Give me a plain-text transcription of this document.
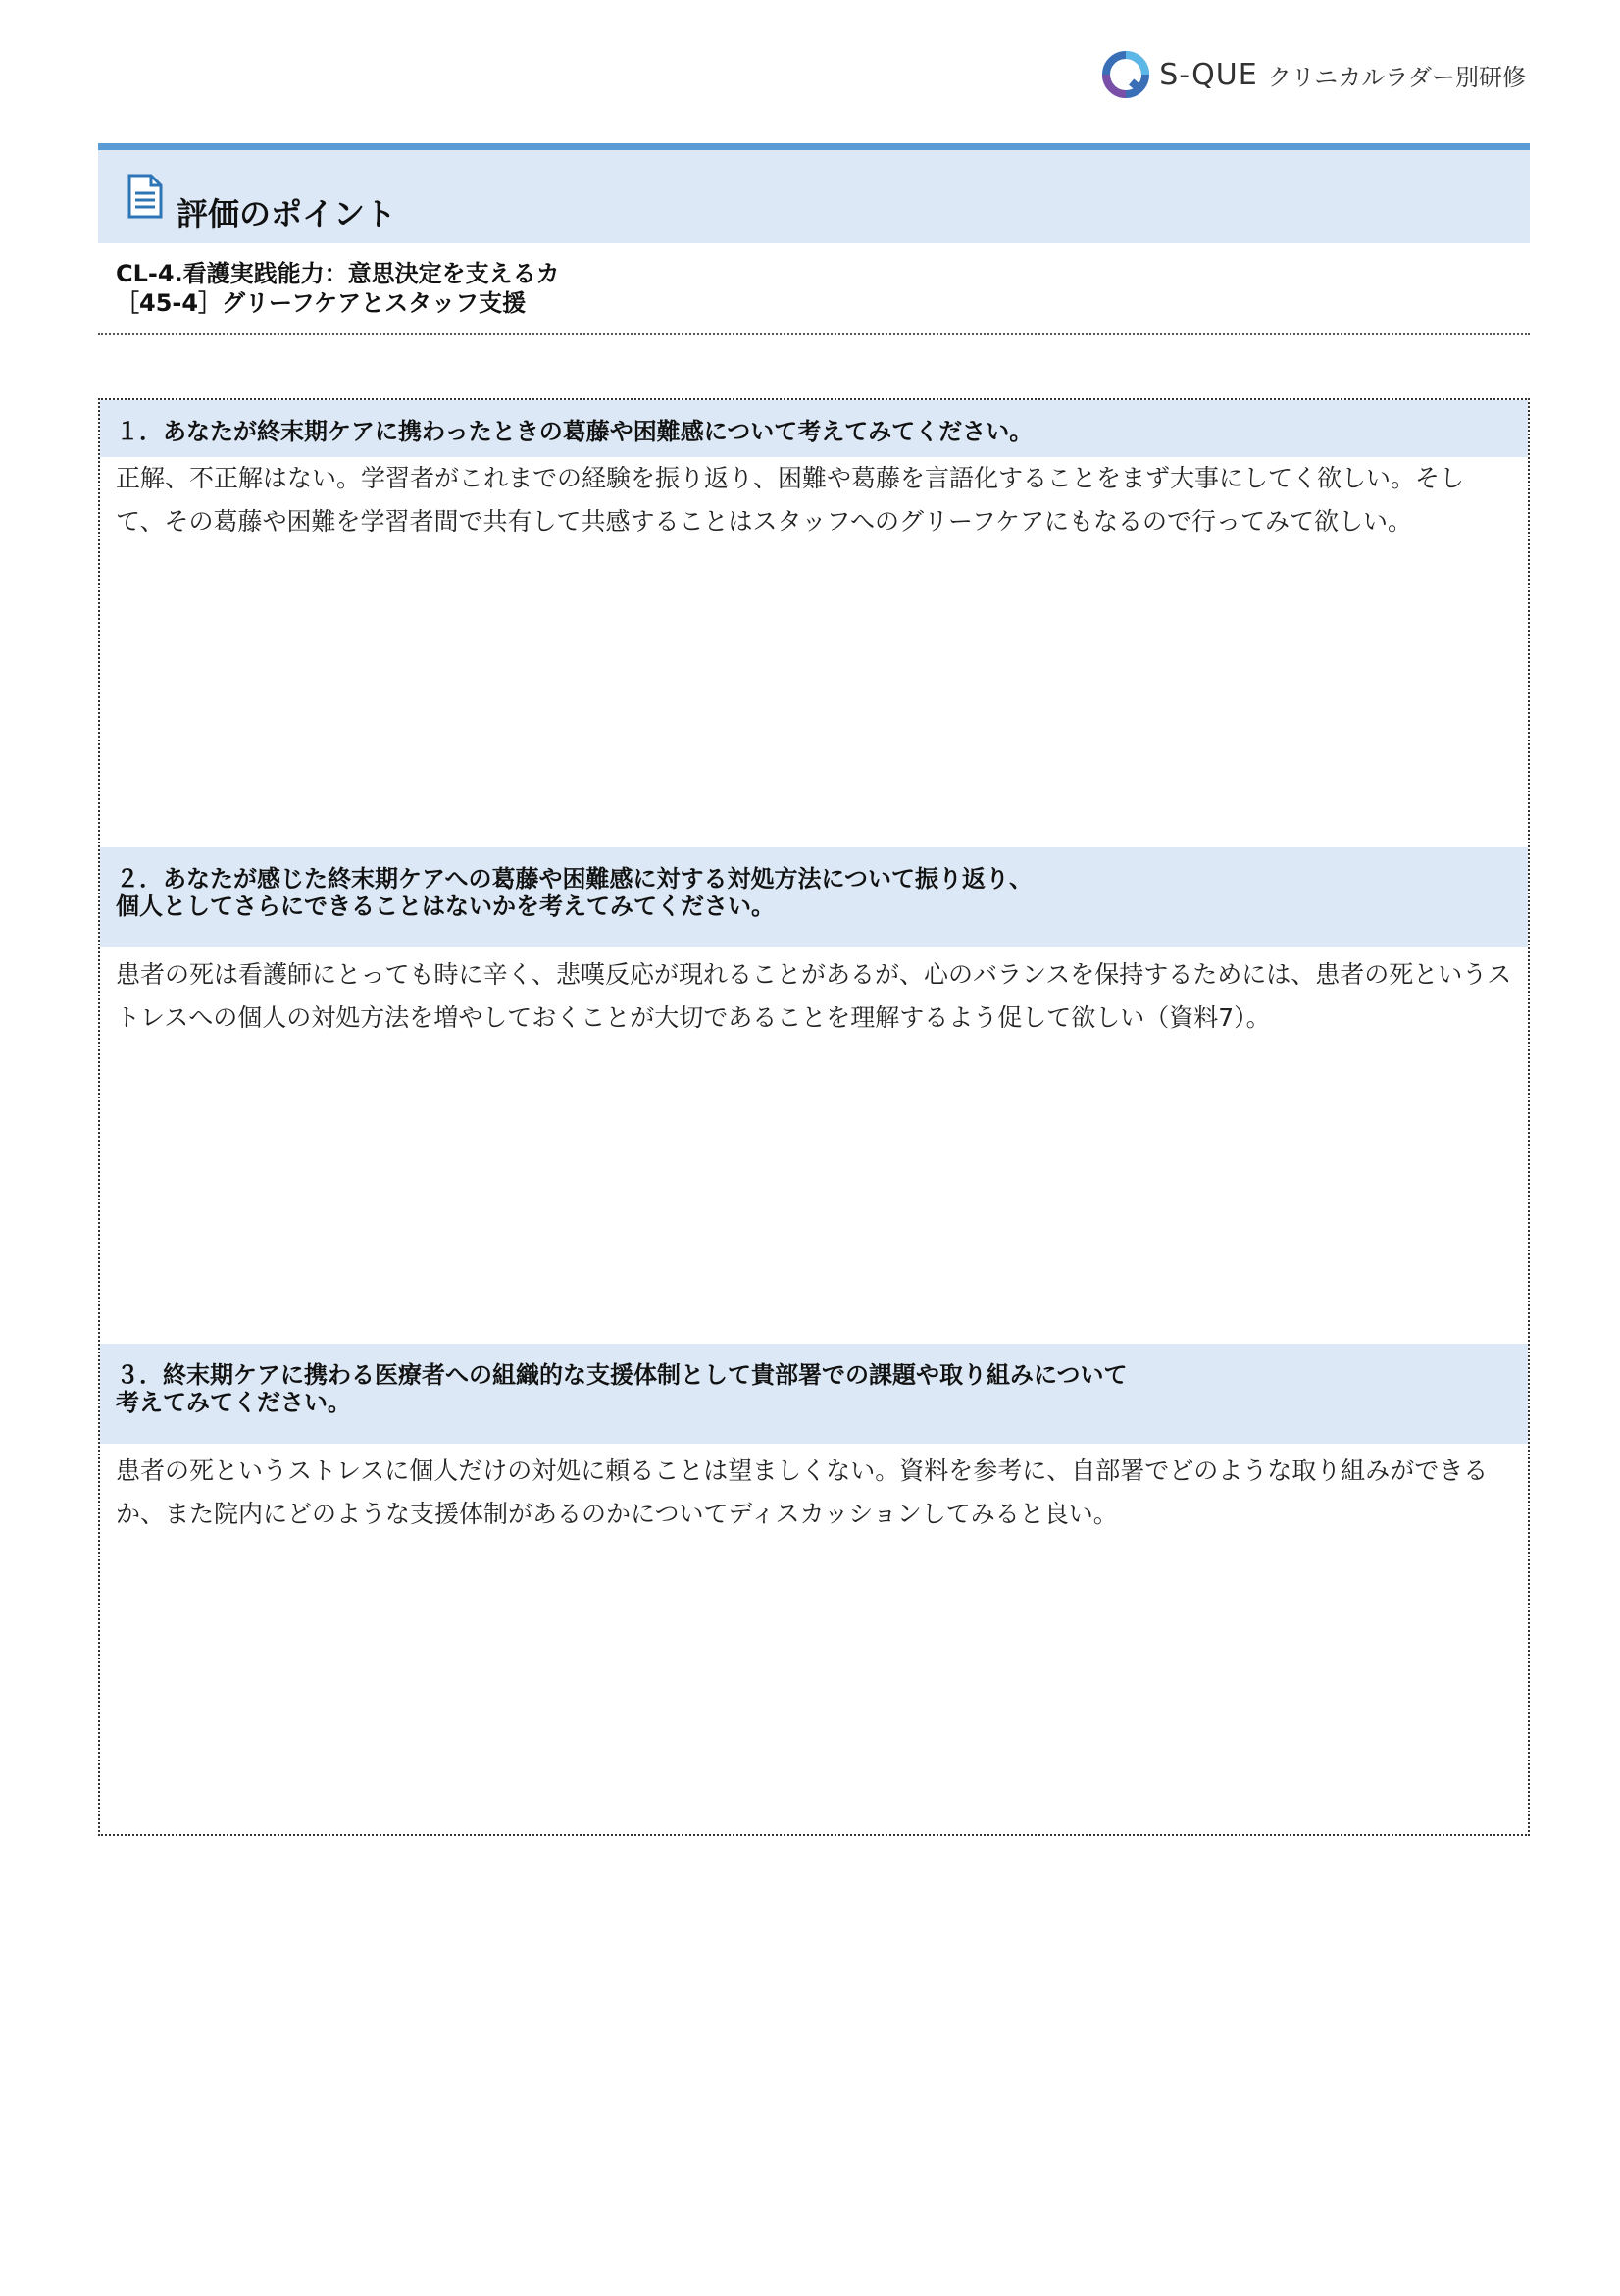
S-QUE クリニカルラダー別研修
評価のポイント
CL-4.看護実践能力：意思決定を支えるカ
［45-4］グリーフケアとスタッフ支援
１．あなたが終末期ケアに携わったときの葛藤や困難感について考えてみてください。
正解、不正解はない。学習者がこれまでの経験を振り返り、困難や葛藤を言語化することをまず大事にしてく欲しい。そして、その葛藤や困難を学習者間で共有して共感することはスタッフへのグリーフケアにもなるので行ってみて欲しい。
２．あなたが感じた終末期ケアへの葛藤や困難感に対する対処方法について振り返り、
個人としてさらにできることはないかを考えてみてください。
患者の死は看護師にとっても時に辛く、悲嘆反応が現れることがあるが、心のバランスを保持するためには、患者の死というストレスへの個人の対処方法を増やしておくことが大切であることを理解するよう促して欲しい（資料7）。
３．終末期ケアに携わる医療者への組織的な支援体制として貴部署での課題や取り組みについて
考えてみてください。
患者の死というストレスに個人だけの対処に頼ることは望ましくない。資料を参考に、自部署でどのような取り組みができるか、また院内にどのような支援体制があるのかについてディスカッションしてみると良い。
